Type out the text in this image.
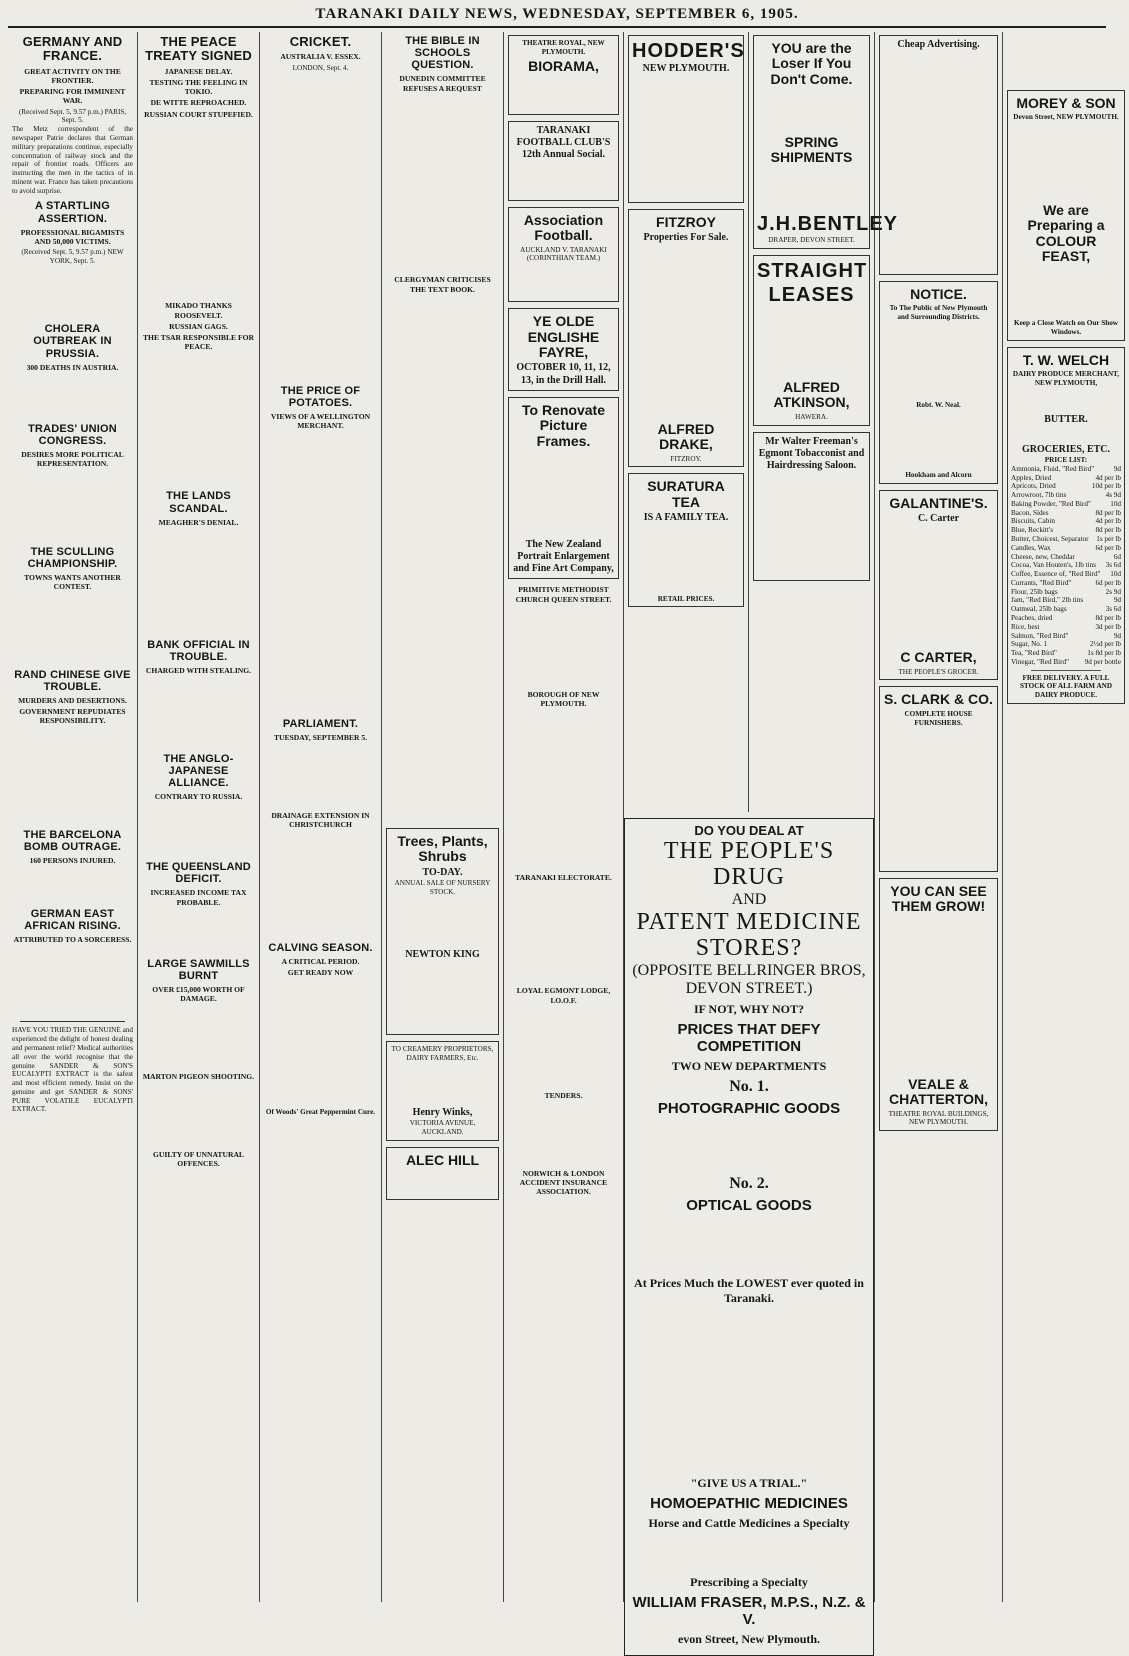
TARANAKI DAILY NEWS, WEDNESDAY, SEPTEMBER 6, 1905.
GERMANY AND FRANCE.
GREAT ACTIVITY ON THE FRONTIER.
PREPARING FOR IMMINENT WAR.
(Received Sept. 5, 9.57 p.m.) PARIS, Sept. 5.
The Metz correspondent of the newspaper Patrie declares that German military preparations continue, especially concentration of railway stock and the repair of frontier roads. Officers are instructing the men in the tactics of in minent war. France has taken precautions to avoid surprise.
A STARTLING ASSERTION.
PROFESSIONAL BIGAMISTS AND 50,000 VICTIMS.
(Received Sept. 5, 9.57 p.m.) NEW YORK, Sept. 5.

CHOLERA OUTBREAK IN PRUSSIA.
300 DEATHS IN AUSTRIA.

TRADES' UNION CONGRESS.
DESIRES MORE POLITICAL REPRESENTATION.

THE SCULLING CHAMPIONSHIP.
TOWNS WANTS ANOTHER CONTEST.

RAND CHINESE GIVE TROUBLE.
MURDERS AND DESERTIONS.
GOVERNMENT REPUDIATES RESPONSIBILITY.

THE BARCELONA BOMB OUTRAGE.
160 PERSONS INJURED.

GERMAN EAST AFRICAN RISING.
ATTRIBUTED TO A SORCERESS.

HAVE YOU TRIED THE GENUINE and experienced the delight of honest dealing and permanent relief? Medical authorities all over the world recognise that the genuine SANDER & SON'S EUCALYPTI EXTRACT is the safest and most efficient remedy. Insist on the genuine and get SANDER & SONS' PURE VOLATILE EUCALYPTI EXTRACT.
THE PEACE TREATY SIGNED
JAPANESE DELAY.
TESTING THE FEELING IN TOKIO.
DE WITTE REPROACHED.
RUSSIAN COURT STUPEFIED.

MIKADO THANKS ROOSEVELT.
RUSSIAN GAGS.
THE TSAR RESPONSIBLE FOR PEACE.

THE LANDS SCANDAL.
MEAGHER'S DENIAL.

BANK OFFICIAL IN TROUBLE.
CHARGED WITH STEALING.

THE ANGLO-JAPANESE ALLIANCE.
CONTRARY TO RUSSIA.

THE QUEENSLAND DEFICIT.
INCREASED INCOME TAX PROBABLE.

LARGE SAWMILLS BURNT
OVER £15,000 WORTH OF DAMAGE.

MARTON PIGEON SHOOTING.

GUILTY OF UNNATURAL OFFENCES.
CRICKET.
AUSTRALIA V. ESSEX.
LONDON, Sept. 4.

THE PRICE OF POTATOES.
VIEWS OF A WELLINGTON MERCHANT.

PARLIAMENT.
TUESDAY, SEPTEMBER 5.

DRAINAGE EXTENSION IN CHRISTCHURCH

CALVING SEASON.
A CRITICAL PERIOD.
GET READY NOW

Of Woods' Great Peppermint Cure.
THE BIBLE IN SCHOOLS QUESTION.
DUNEDIN COMMITTEE REFUSES A REQUEST

CLERGYMAN CRITICISES THE TEXT BOOK.

Trees, Plants, Shrubs
TO-DAY.
ANNUAL SALE OF NURSERY STOCK.

NEWTON KING

TO CREAMERY PROPRIETORS, DAIRY FARMERS, Etc.

Henry Winks,
VICTORIA AVENUE, AUCKLAND.
ALEC HILL

THEATRE ROYAL, NEW PLYMOUTH.
BIORAMA,

TARANAKI FOOTBALL CLUB'S 12th Annual Social.

Association Football.
AUCKLAND V. TARANAKI (CORINTHIAN TEAM.)

YE OLDE ENGLISHE FAYRE,
OCTOBER 10, 11, 12, 13, in the Drill Hall.
To Renovate Picture Frames.

The New Zealand Portrait Enlargement and Fine Art Company,
PRIMITIVE METHODIST CHURCH QUEEN STREET.

BOROUGH OF NEW PLYMOUTH.

TARANAKI ELECTORATE.

LOYAL EGMONT LODGE, I.O.O.F.

TENDERS.

NORWICH & LONDON ACCIDENT INSURANCE ASSOCIATION.
HODDER'S
NEW PLYMOUTH.

FITZROY
Properties For Sale.

ALFRED DRAKE,
FITZROY.
SURATURA TEA
IS A FAMILY TEA.

RETAIL PRICES.
YOU are the Loser If You Don't Come.

SPRING SHIPMENTS

J.H.BENTLEY
DRAPER, DEVON STREET.
STRAIGHT LEASES

ALFRED ATKINSON,
HAWERA.
Mr Walter Freeman's Egmont Tobacconist and Hairdressing Saloon.

DO YOU DEAL AT
THE PEOPLE'S DRUG
AND
PATENT MEDICINE STORES?
(OPPOSITE BELLRINGER BROS, DEVON STREET.)
IF NOT, WHY NOT?
PRICES THAT DEFY COMPETITION
TWO NEW DEPARTMENTS
No. 1.
PHOTOGRAPHIC GOODS

No. 2.
OPTICAL GOODS

At Prices Much the LOWEST ever quoted in Taranaki.

"GIVE US A TRIAL."
HOMOEPATHIC MEDICINES
Horse and Cattle Medicines a Specialty

Prescribing a Specialty
WILLIAM FRASER, M.P.S., N.Z. & V.
evon Street, New Plymouth.
Cheap Advertising.

NOTICE.
To The Public of New Plymouth and Surrounding Districts.

Robt. W. Neal.

Hookham and Alcorn
GALANTINE'S.
C. Carter

C CARTER,
THE PEOPLE'S GROCER.
S. CLARK & CO.
COMPLETE HOUSE FURNISHERS.

YOU CAN SEE THEM GROW!

VEALE & CHATTERTON,
THEATRE ROYAL BUILDINGS, NEW PLYMOUTH.

MOREY & SON
Devon Street, NEW PLYMOUTH.

We are Preparing a COLOUR FEAST,

Keep a Close Watch on Our Show Windows.
T. W. WELCH
DAIRY PRODUCE MERCHANT, NEW PLYMOUTH,

BUTTER.

GROCERIES, ETC.
PRICE LIST:
Ammonia, Fluid, "Red Bird"	9d
Apples, Dried	4d per lb
Apricots, Dried	10d per lb
Arrowroot, 7lb tins	4s 9d
Baking Powder, "Red Bird"	10d
Bacon, Sides	8d per lb
Biscuits, Cabin	4d per lb
Blue, Reckitt's	8d per lb
Butter, Choicest, Separator 1s per lb
Candles, Wax	6d per lb
Cheese, new, Cheddar	6d
Cocoa, Van Houten's, 1lb tins 3s 6d
Coffee, Essence of, "Red Bird" 10d
Currants, "Red Bird"	6d per lb
Flour, 25lb bags	2s 9d
Jam, "Red Bird," 2lb tins	9d
Oatmeal, 25lb bags	3s 6d
Peaches, dried	8d per lb
Rice, best	3d per lb
Salmon, "Red Bird"	9d
Sugar, No. 1	2½d per lb
Tea, "Red Bird"	1s 8d per lb
Vinegar, "Red Bird" 9d per bottle
FREE DELIVERY. A FULL STOCK OF ALL FARM AND DAIRY PRODUCE.
